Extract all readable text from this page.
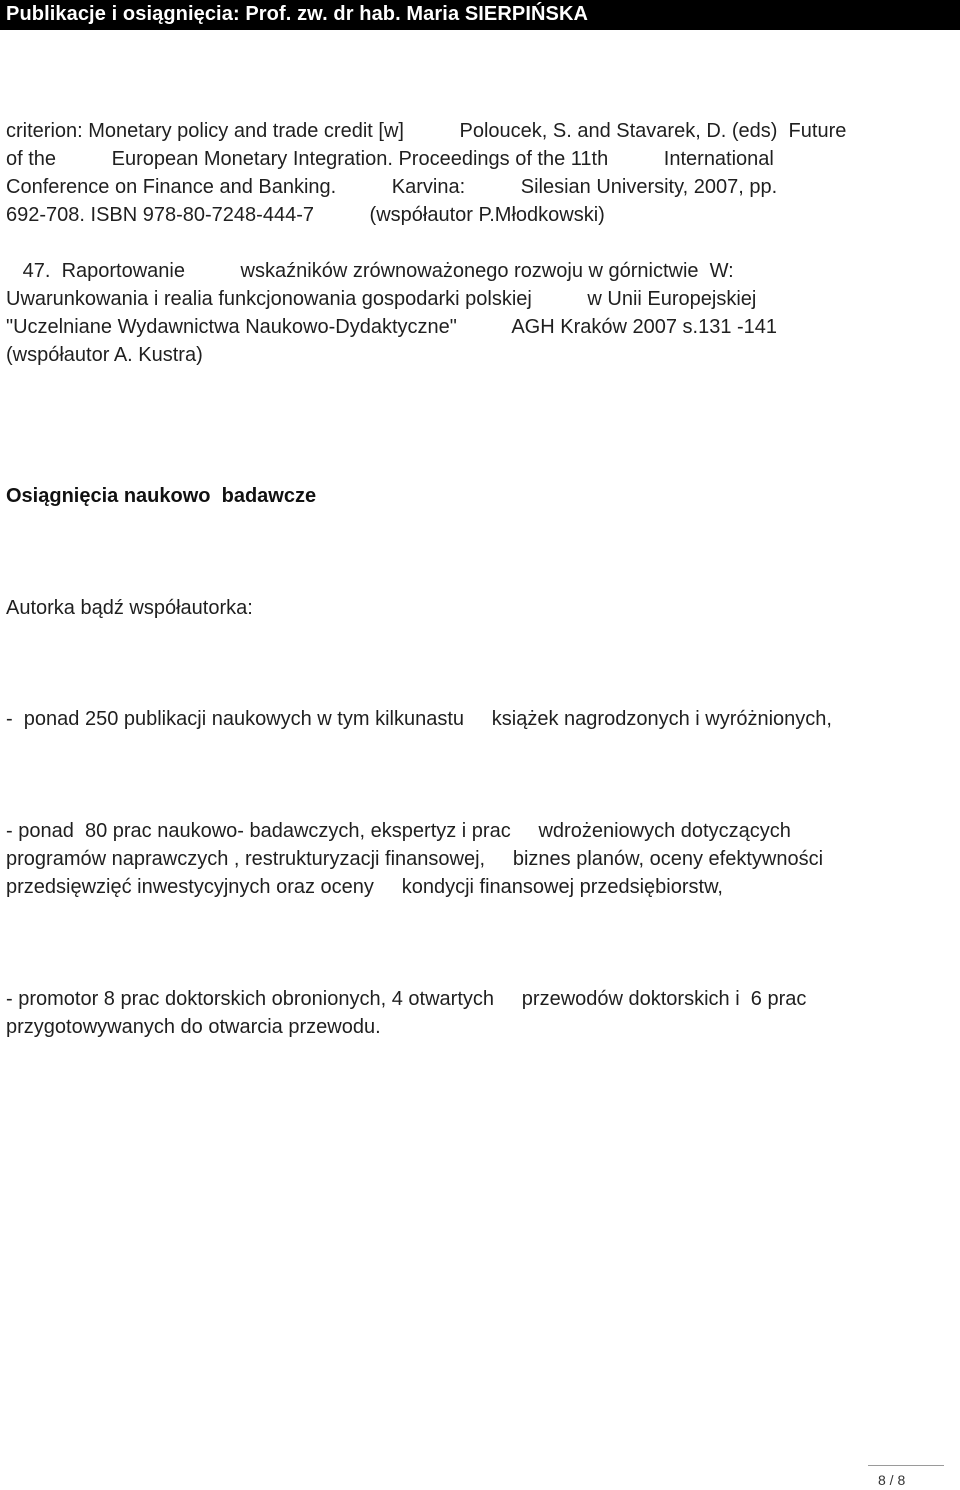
Publikacje i osiągnięcia: Prof. zw. dr hab. Maria SIERPIŃSKA
criterion: Monetary policy and trade credit [w]          Poloucek, S. and Stavarek, D. (eds)  Future
of the          European Monetary Integration. Proceedings of the 11th          International
Conference on Finance and Banking.          Karvina:          Silesian University, 2007, pp.
692-708. ISBN 978-80-7248-444-7          (współautor P.Młodkowski)
47.  Raportowanie          wskaźników zrównoważonego rozwoju w górnictwie  W:
Uwarunkowania i realia funkcjonowania gospodarki polskiej          w Unii Europejskiej
"Uczelniane Wydawnictwa Naukowo-Dydaktyczne"          AGH Kraków 2007 s.131 -141
(współautor A. Kustra)
Osiągnięcia naukowo  badawcze
Autorka bądź współautorka:
-  ponad 250 publikacji naukowych w tym kilkunastu     książek nagrodzonych i wyróżnionych,
- ponad  80 prac naukowo- badawczych, ekspertyz i prac     wdrożeniowych dotyczących
programów naprawczych , restrukturyzacji finansowej,     biznes planów, oceny efektywności
przedsięwzięć inwestycyjnych oraz oceny     kondycji finansowej przedsiębiorstw,
- promotor 8 prac doktorskich obronionych, 4 otwartych     przewodów doktorskich i  6 prac
przygotowywanych do otwarcia przewodu.
8 / 8
